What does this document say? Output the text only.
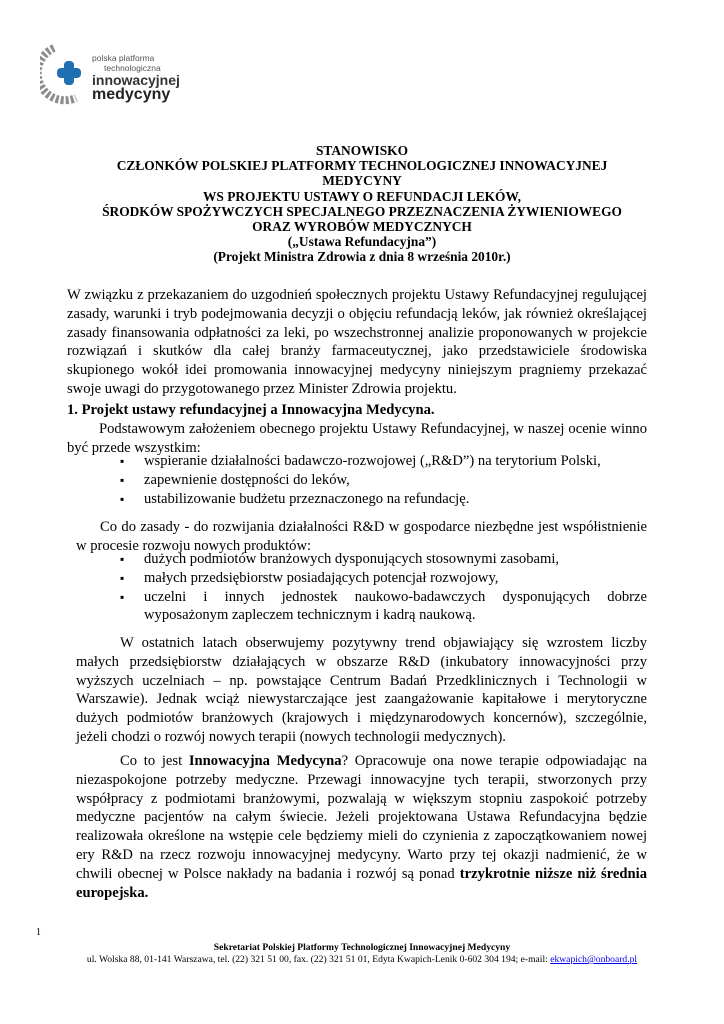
polska platforma
technologiczna
innowacyjnej
medycyny
STANOWISKO
CZŁONKÓW POLSKIEJ PLATFORMY TECHNOLOGICZNEJ INNOWACYJNEJ
MEDYCYNY
WS PROJEKTU USTAWY O REFUNDACJI LEKÓW,
ŚRODKÓW SPOŻYWCZYCH SPECJALNEGO PRZEZNACZENIA ŻYWIENIOWEGO
ORAZ WYROBÓW MEDYCZNYCH
(„Ustawa Refundacyjna”)
(Projekt Ministra Zdrowia z dnia 8 września 2010r.)

W związku z przekazaniem do uzgodnień społecznych projektu Ustawy Refundacyjnej regulującej zasady, warunki i tryb podejmowania decyzji o objęciu refundacją leków, jak również określającej zasady finansowania odpłatności za leki, po wszechstronnej analizie proponowanych w projekcie rozwiązań i skutków dla całej branży farmaceutycznej, jako przedstawiciele środowiska skupionego wokół idei promowania innowacyjnej medycyny niniejszym pragniemy przekazać swoje uwagi do przygotowanego przez Minister Zdrowia projektu.

1. Projekt ustawy refundacyjnej a Innowacyjna Medycyna.

Podstawowym założeniem obecnego projektu Ustawy Refundacyjnej, w naszej ocenie winno być przede wszystkim:

▪ wspieranie działalności badawczo-rozwojowej („R&D”) na terytorium Polski,
▪ zapewnienie dostępności do leków,
▪ ustabilizowanie budżetu przeznaczonego na refundację.

Co do zasady - do rozwijania działalności R&D w gospodarce niezbędne jest współistnienie w procesie rozwoju nowych produktów:

▪ dużych podmiotów branżowych dysponujących stosownymi zasobami,
▪ małych przedsiębiorstw posiadających potencjał rozwojowy,
▪ uczelni i innych jednostek naukowo-badawczych dysponujących dobrze wyposażonym zapleczem technicznym i kadrą naukową.

W ostatnich latach obserwujemy pozytywny trend objawiający się wzrostem liczby małych przedsiębiorstw działających w obszarze R&D (inkubatory innowacyjności przy wyższych uczelniach – np. powstające Centrum Badań Przedklinicznych i Technologii w Warszawie). Jednak wciąż niewystarczające jest zaangażowanie kapitałowe i merytoryczne dużych podmiotów branżowych (krajowych i międzynarodowych koncernów), szczególnie, jeżeli chodzi o rozwój nowych terapii (nowych technologii medycznych).

Co to jest Innowacyjna Medycyna? Opracowuje ona nowe terapie odpowiadając na niezaspokojone potrzeby medyczne. Przewagi innowacyjne tych terapii, stworzonych przy współpracy z podmiotami branżowymi, pozwalają w większym stopniu zaspokoić potrzeby medyczne pacjentów na całym świecie. Jeżeli projektowana Ustawa Refundacyjna będzie realizowała określone na wstępie cele będziemy mieli do czynienia z zapoczątkowaniem nowej ery R&D na rzecz rozwoju innowacyjnej medycyny. Warto przy tej okazji nadmienić, że w chwili obecnej w Polsce nakłady na badania i rozwój są ponad trzykrotnie niższe niż średnia europejska.

1
Sekretariat Polskiej Platformy Technologicznej Innowacyjnej Medycyny
ul. Wolska 88, 01-141 Warszawa, tel. (22) 321 51 00, fax. (22) 321 51 01, Edyta Kwapich-Lenik 0-602 304 194; e-mail: ekwapich@onboard.pl
